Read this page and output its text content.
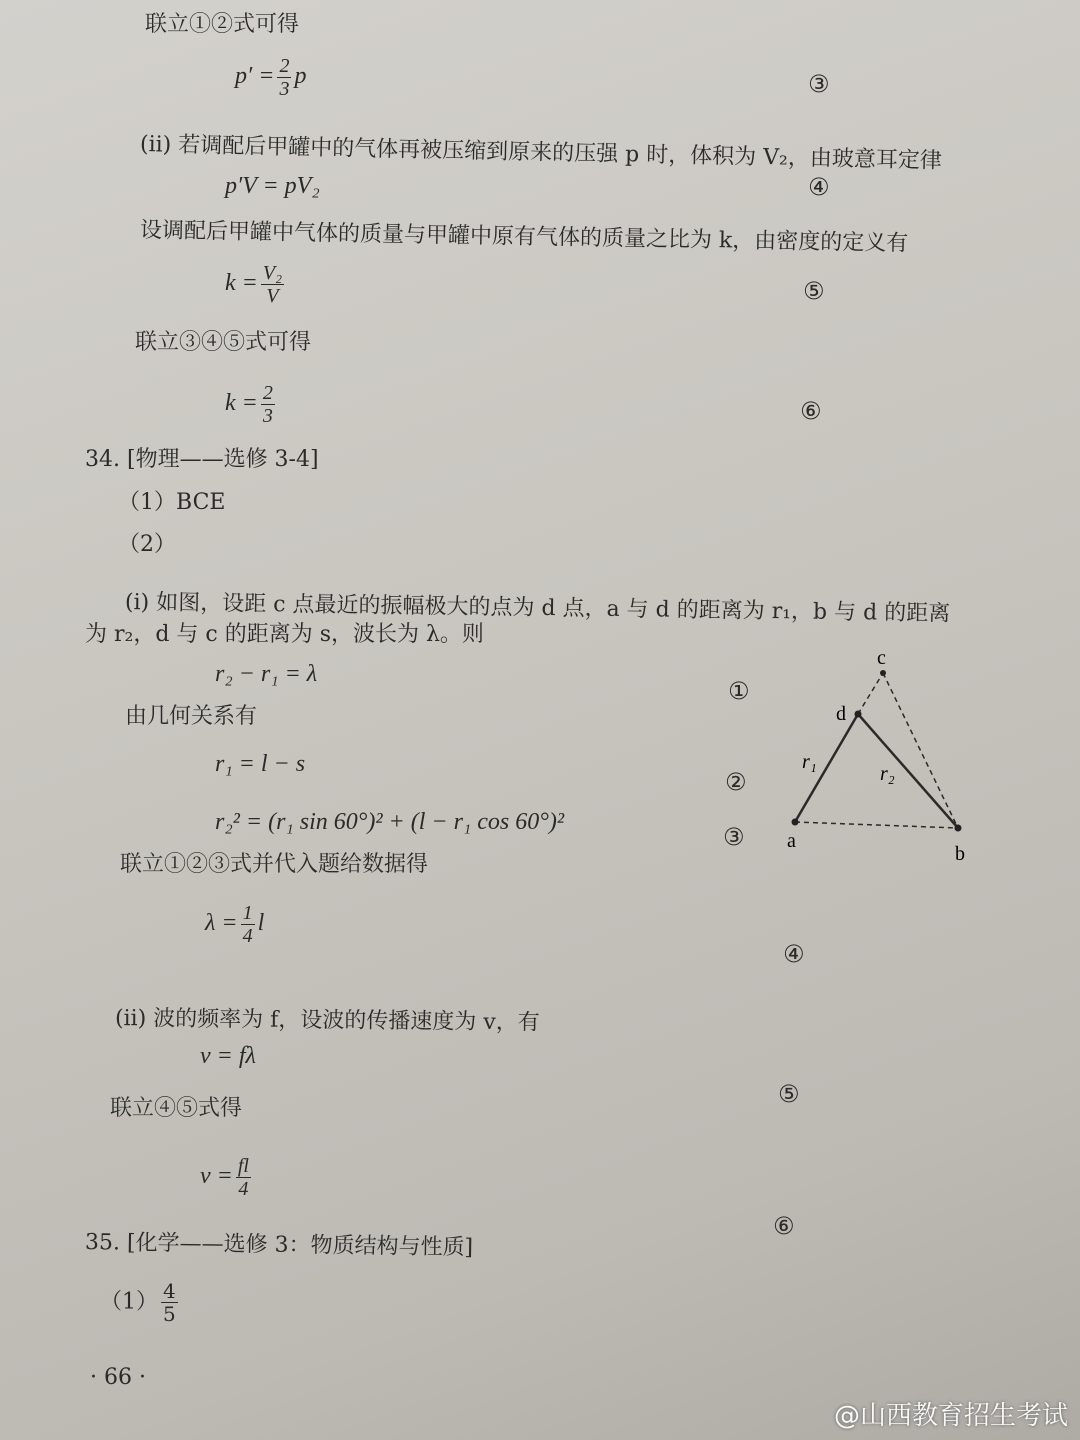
联立①②式可得
$p' = \frac{2}{3}$ p	③
(ii) 若调配后甲罐中的气体再被压缩到原来的压强 p 时，体积为 V₂，由玻意耳定律
p′V = pV₂	④
设调配后甲罐中气体的质量与甲罐中原有气体的质量之比为 k，由密度的定义有
$k = \frac{\text{V₂}}{V}$	⑤
联立③④⑤式可得
$k = \frac{2}{3}$	⑥
34. [物理——选修 3-4]
（1）BCE
（2）
(i) 如图，设距 c 点最近的振幅极大的点为 d 点，a 与 d 的距离为 r₁，b 与 d 的距离
为 r₂，d 与 c 的距离为 s，波长为 λ。则
r₂ − r₁ = λ
①
由几何关系有
r₁ = l − s
②
r₂² = (r₁ sin 60°)² + (l − r₁ cos 60°)²
③
联立①②③式并代入题给数据得
$\lambda = \frac{1}{4}$ l
④
(ii) 波的频率为 f，设波的传播速度为 v，有
v = fλ
⑤
联立④⑤式得
$v = \frac{fl}{4}$
⑥
35. [化学——选修 3：物质结构与性质]
$(1) \frac{4}{5}$
· 66 ·
a
b
c
d
r₁
r₂
@山西教育招生考试
